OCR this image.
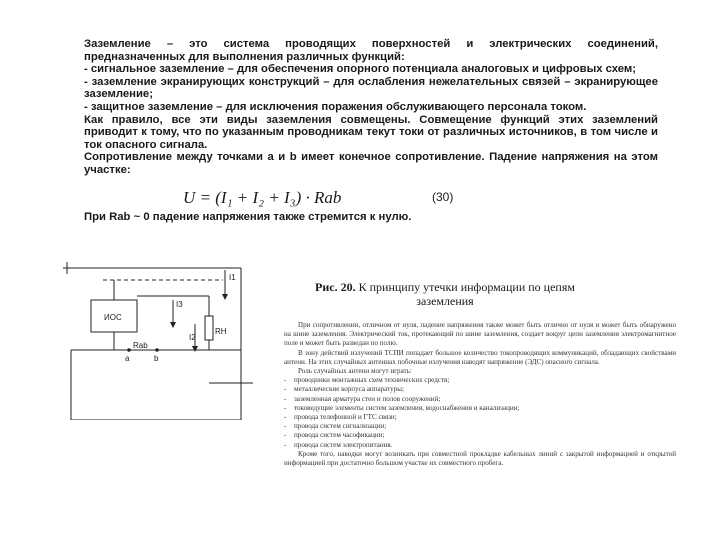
Заземление – это система проводящих поверхностей и электрических соединений, предназначенных для выполнения различных функций:

- сигнальное заземление – для обеспечения опорного потенциала аналоговых и цифровых схем;

- заземление экранирующих конструкций – для ослабления нежелательных связей – экранирующее заземление;

- защитное заземление – для исключения поражения обслуживающего персонала током.

Как правило, все эти виды заземления совмещены. Совмещение функций этих заземлений приводит к тому, что по указанным проводникам текут токи от различных источников, в том числе и ток опасного сигнала.

Сопротивление между точками a и b имеет конечное сопротивление. Падение напряжения на этом участке:

U = (I₁ + I₂ + I₃) · Rab	(30)
При Rab ~ 0 падение напряжения также стремится к нулю.
ИОС
I1
I3
I2
RH
Rab
a	b
Рис. 20. К принципу утечки информации по цепям заземления

При сопротивлении, отличном от нуля, падение напряжения также может быть отлично от нуля и может быть обнаружено на шине заземления. Электрический ток, протекающий по шине заземления, создает вокруг цепи заземления электромагнитное поле и может быть разведан по полю.

В зону действий излучений ТСПИ попадает большое количество токопроводящих коммуникаций, обладающих свойствами антенн. На этих случайных антеннах побочные излучения наводят напряжение (ЭДС) опасного сигнала.

Роль случайных антенн могут играть:

- проводники монтажных схем технических средств;
- металлические корпуса аппаратуры;
- заземленная арматура стен и полов сооружений;
- токоведущие элементы систем заземления, водоснабжения и канализации;
- провода телефонной и ГТС связи;
- провода систем сигнализации;
- провода систем часофикации;
- провода систем электропитания.

Кроме того, наводки могут возникать при совместной прокладке кабельных линий с закрытой информацией и открытой информацией при достаточно большом участке их совместного пробега.
